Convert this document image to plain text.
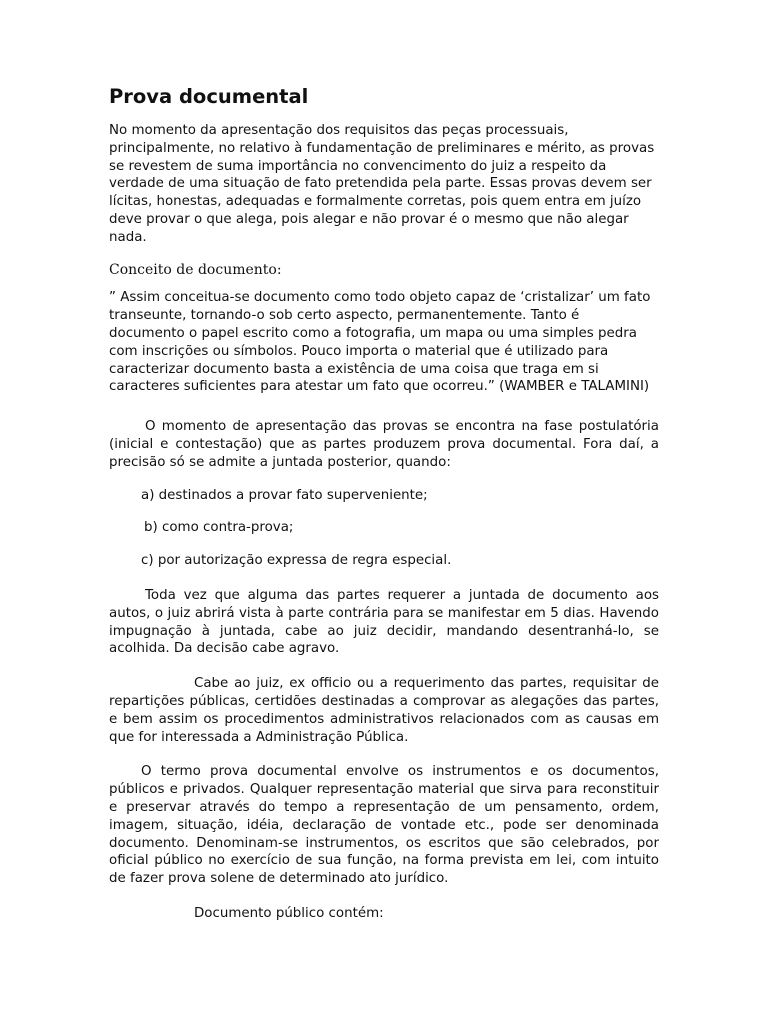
Prova documental

No momento da apresentação dos requisitos das peças processuais, principalmente, no relativo à fundamentação de preliminares e mérito, as provas se revestem de suma importância no convencimento do juiz a respeito da verdade de uma situação de fato pretendida pela parte. Essas provas devem ser lícitas, honestas, adequadas e formalmente corretas, pois quem entra em juízo deve provar o que alega, pois alegar e não provar é o mesmo que não alegar nada.

Conceito de documento:

” Assim conceitua-se documento como todo objeto capaz de ‘cristalizar’ um fato transeunte, tornando-o sob certo aspecto, permanentemente. Tanto é documento o papel escrito como a fotografia, um mapa ou uma simples pedra com inscrições ou símbolos. Pouco importa o material que é utilizado para caracterizar documento basta a existência de uma coisa que traga em si caracteres suficientes para atestar um fato que ocorreu.” (WAMBER e TALAMINI)

O momento de apresentação das provas se encontra na fase postulatória (inicial e contestação) que as partes produzem prova documental. Fora daí, a precisão só se admite a juntada posterior, quando:

a) destinados a provar fato superveniente;

b) como contra-prova;

c) por autorização expressa de regra especial.

Toda vez que alguma das partes requerer a juntada de documento aos autos, o juiz abrirá vista à parte contrária para se manifestar em 5 dias. Havendo impugnação à juntada, cabe ao juiz decidir, mandando desentranhá-lo, se acolhida. Da decisão cabe agravo.

Cabe ao juiz, ex officio ou a requerimento das partes, requisitar de repartições públicas, certidões destinadas a comprovar as alegações das partes, e bem assim os procedimentos administrativos relacionados com as causas em que for interessada a Administração Pública.

O termo prova documental envolve os instrumentos e os documentos, públicos e privados. Qualquer representação material que sirva para reconstituir e preservar através do tempo a representação de um pensamento, ordem, imagem, situação, idéia, declaração de vontade etc., pode ser denominada documento. Denominam-se instrumentos, os escritos que são celebrados, por oficial público no exercício de sua função, na forma prevista em lei, com intuito de fazer prova solene de determinado ato jurídico.

Documento público contém:
